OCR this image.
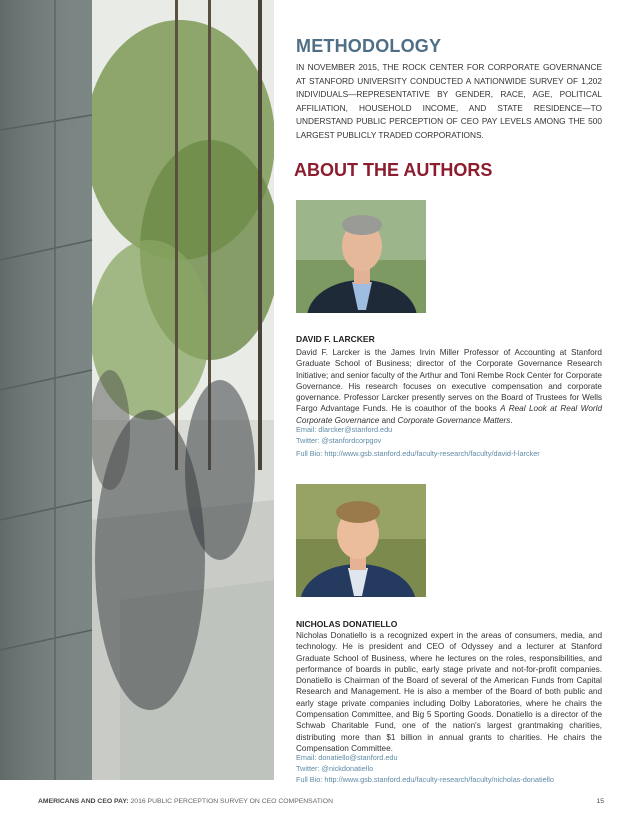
METHODOLOGY

IN NOVEMBER 2015, THE ROCK CENTER FOR CORPORATE GOVERNANCE AT STANFORD UNIVERSITY CONDUCTED A NATIONWIDE SURVEY OF 1,202 INDIVIDUALS—REPRESENTATIVE BY GENDER, RACE, AGE, POLITICAL AFFILIATION, HOUSEHOLD INCOME, AND STATE RESIDENCE—TO UNDERSTAND PUBLIC PERCEPTION OF CEO PAY LEVELS AMONG THE 500 LARGEST PUBLICLY TRADED CORPORATIONS.

ABOUT THE AUTHORS

DAVID F. LARCKER

David F. Larcker is the James Irvin Miller Professor of Accounting at Stanford Graduate School of Business; director of the Corporate Governance Research Initiative; and senior faculty of the Arthur and Toni Rembe Rock Center for Corporate Governance. His research focuses on executive compensation and corporate governance. Professor Larcker presently serves on the Board of Trustees for Wells Fargo Advantage Funds. He is coauthor of the books A Real Look at Real World Corporate Governance and Corporate Governance Matters.

Email: dlarcker@stanford.edu

Twitter: @stanfordcorpgov

Full Bio: http://www.gsb.stanford.edu/faculty-research/faculty/david-f-larcker

NICHOLAS DONATIELLO

Nicholas Donatiello is a recognized expert in the areas of consumers, media, and technology. He is president and CEO of Odyssey and a lecturer at Stanford Graduate School of Business, where he lectures on the roles, responsibilities, and performance of boards in public, early stage private and not-for-profit companies. Donatiello is Chairman of the Board of several of the American Funds from Capital Research and Management. He is also a member of the Board of both public and early stage private companies including Dolby Laboratories, where he chairs the Compensation Committee, and Big 5 Sporting Goods. Donatiello is a director of the Schwab Charitable Fund, one of the nation's largest grantmaking charities, distributing more than $1 billion in annual grants to charities. He chairs the Compensation Committee.

Email: donatiello@stanford.edu

Twitter: @nickdonatiello

Full Bio: http://www.gsb.stanford.edu/faculty-research/faculty/nicholas-donatiello

AMERICANS AND CEO PAY: 2016 PUBLIC PERCEPTION SURVEY ON CEO COMPENSATION	15
